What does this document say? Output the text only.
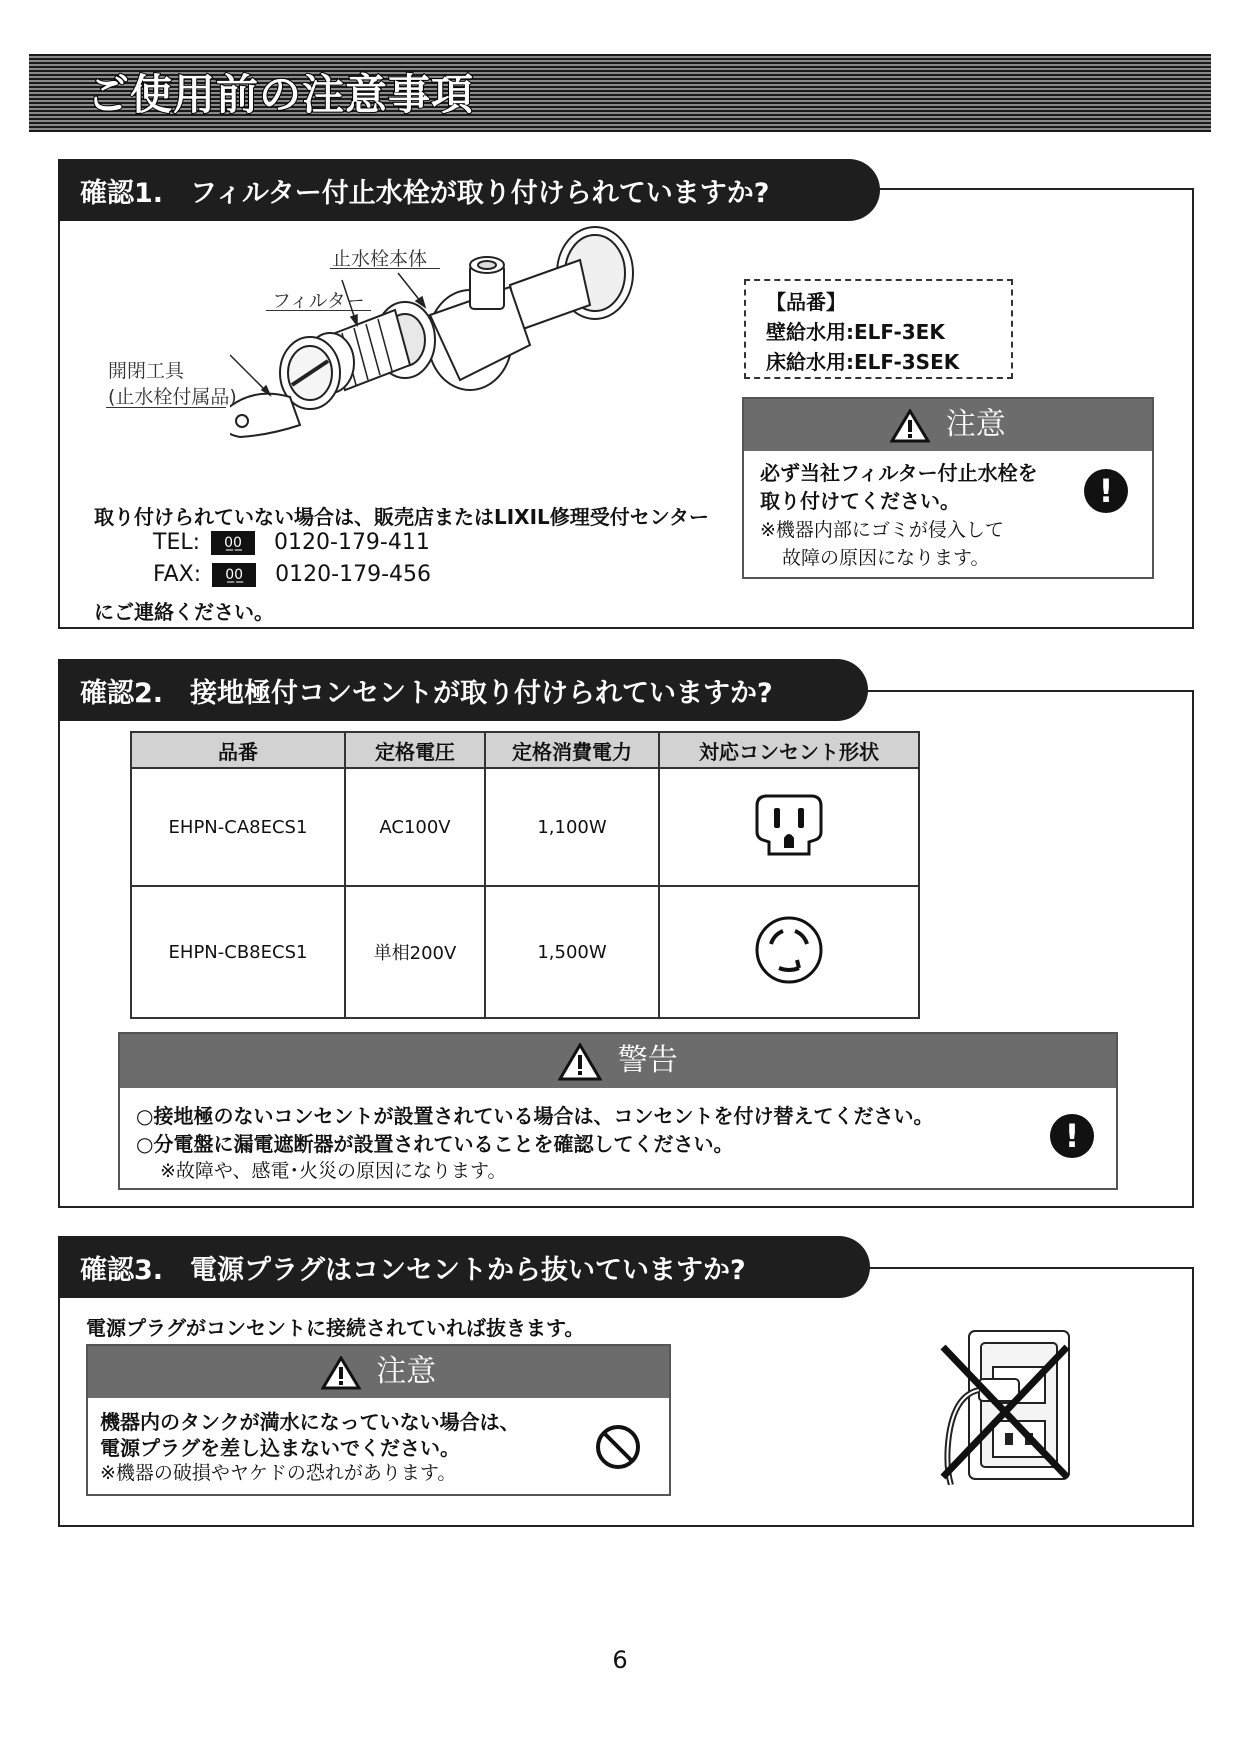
ご使用前の注意事項
確認1.　フィルター付止水栓が取り付けられていますか?
止水栓本体
フィルター
開閉工具
(止水栓付属品)
取り付けられていない場合は、販売店またはLIXIL修理受付センター
TEL: 0̲0̲ 0120-179-411
FAX: 0̲0̲ 0120-179-456
にご連絡ください。
【品番】
壁給水用:ELF-3EK
床給水用:ELF-3SEK
注意
必ず当社フィルター付止水栓を
取り付けてください。
※機器内部にゴミが侵入して
故障の原因になります。
!
確認2.　接地極付コンセントが取り付けられていますか?
品番	定格電圧	定格消費電力	対応コンセント形状
EHPN-CA8ECS1	AC100V	1,100W	
EHPN-CB8ECS1	単相200V	1,500W	
警告
○接地極のないコンセントが設置されている場合は、コンセントを付け替えてください。
○分電盤に漏電遮断器が設置されていることを確認してください。
※故障や、感電･火災の原因になります。
!
確認3.　電源プラグはコンセントから抜いていますか?
電源プラグがコンセントに接続されていれば抜きます。
注意
機器内のタンクが満水になっていない場合は、
電源プラグを差し込まないでください。
※機器の破損やヤケドの恐れがあります。
6
